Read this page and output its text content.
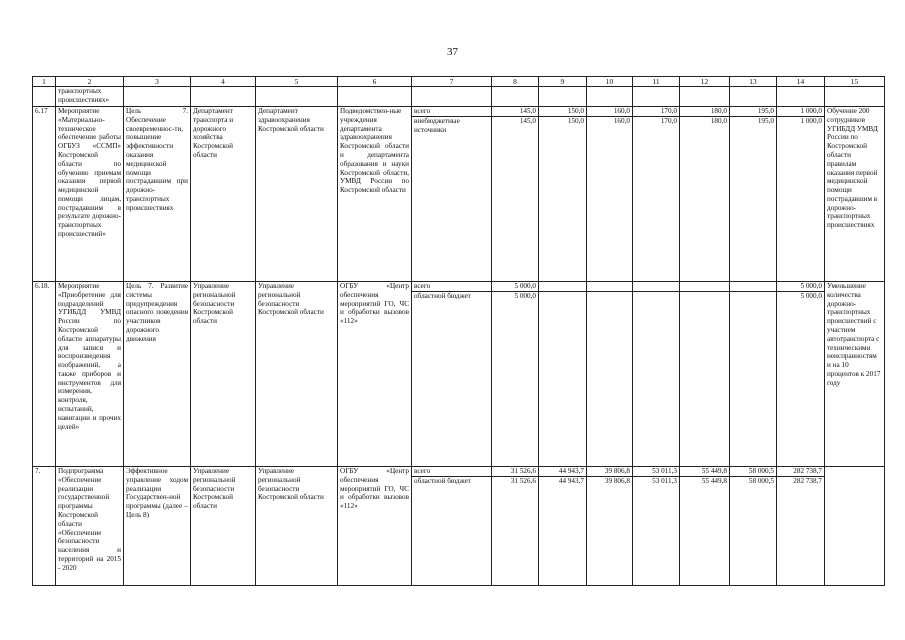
37
1	2	3	4	5	6	7	8	9	10	11	12	13	14	15
	транспортных происшествиях»													
6.17	Мероприятие «Материально-техническое обеспечение работы ОГБУЗ «ССМП» Костромской области по обучению приемам оказания первой медицинской помощи лицам, пострадавшим в результате дорожно-транспортных происшествий»	Цель 7. Обеспечение своевременнос-ти, повышение эффективности оказания медицинской помощи пострадавшим при дорожно-транспортных происшествиях	Департамент транспорта и дорожного хозяйства Костромской области	Департамент здравоохранения Костромской области	Подведомствен-ные учреждения департамента здравоохранения Костромской области и департамента образования и науки Костромской области, УМВД России по Костромской области	всего	145,0	150,0	160,0	170,0	180,0	195,0	1 000,0	Обучение 200 сотрудников УГИБДД УМВД России по Костромской области правилам оказания первой медицинской помощи пострадавшим в дорожно-транспортных происшествиях
						внебюджетные источники	145,0	150,0	160,0	170,0	180,0	195,0	1 000,0	
6.18.	Мероприятие «Приобретение для подразделений УГИБДД УМВД России по Костромской области аппаратуры для записи и воспроизведения изображений, а также приборов и инструментов для измерения, контроля, испытаний, навигации и прочих целей»	Цель 7. Развитие системы предупреждения опасного поведения участников дорожного движения	Управление региональной безопасности Костромской области	Управление региональной безопасности Костромской области	ОГБУ «Центр обеспечения мероприятий ГО, ЧС и обработки вызовов «112»	всего	5 000,0						5 000,0	Уменьшение количества дорожно-транспортных происшествий с участием автотранспорта с техническими неисправностям и на 10 процентов к 2017 году
						областной бюджет	5 000,0						5 000,0	
7.	Подпрограмма «Обеспечение реализации государственной программы Костромской области «Обеспечение безопасности населения и территорий на 2015 - 2020	Эффективное управление ходом реализации Государствен-ной программы (далее – Цель 8)	Управление региональной безопасности Костромской области	Управление региональной безопасности Костромской области	ОГБУ «Центр обеспечения мероприятий ГО, ЧС и обработки вызовов «112»	всего	31 526,6	44 943,7	39 806,8	53 011,3	55 449,8	58 000,5	282 738,7	
						областной бюджет	31 526,6	44 943,7	39 806,8	53 011,3	55 449,8	58 000,5	282 738,7	
